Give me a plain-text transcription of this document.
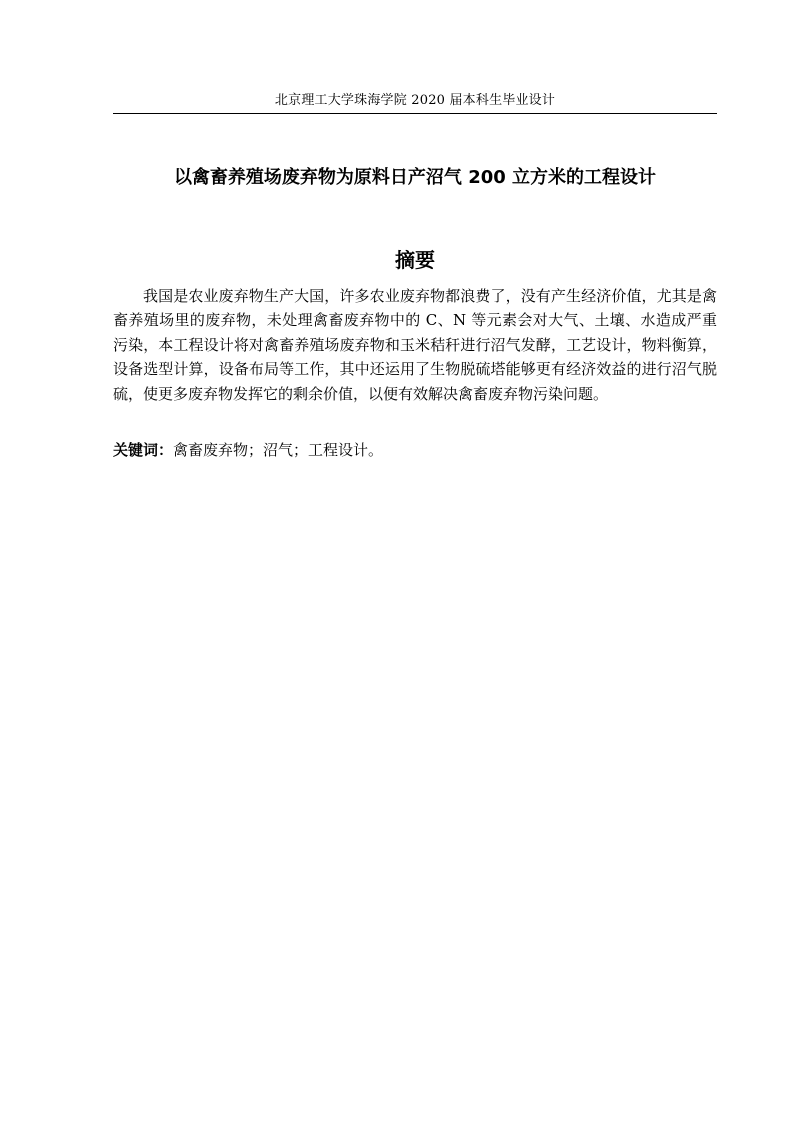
北京理工大学珠海学院 2020 届本科生毕业设计
以禽畜养殖场废弃物为原料日产沼气 200 立方米的工程设计
摘要

我国是农业废弃物生产大国，许多农业废弃物都浪费了，没有产生经济价值，尤其是禽畜养殖场里的废弃物，未处理禽畜废弃物中的 C、N 等元素会对大气、土壤、水造成严重污染，本工程设计将对禽畜养殖场废弃物和玉米秸秆进行沼气发酵，工艺设计，物料衡算，设备选型计算，设备布局等工作，其中还运用了生物脱硫塔能够更有经济效益的进行沼气脱硫，使更多废弃物发挥它的剩余价值，以便有效解决禽畜废弃物污染问题。

关键词：禽畜废弃物；沼气；工程设计。
